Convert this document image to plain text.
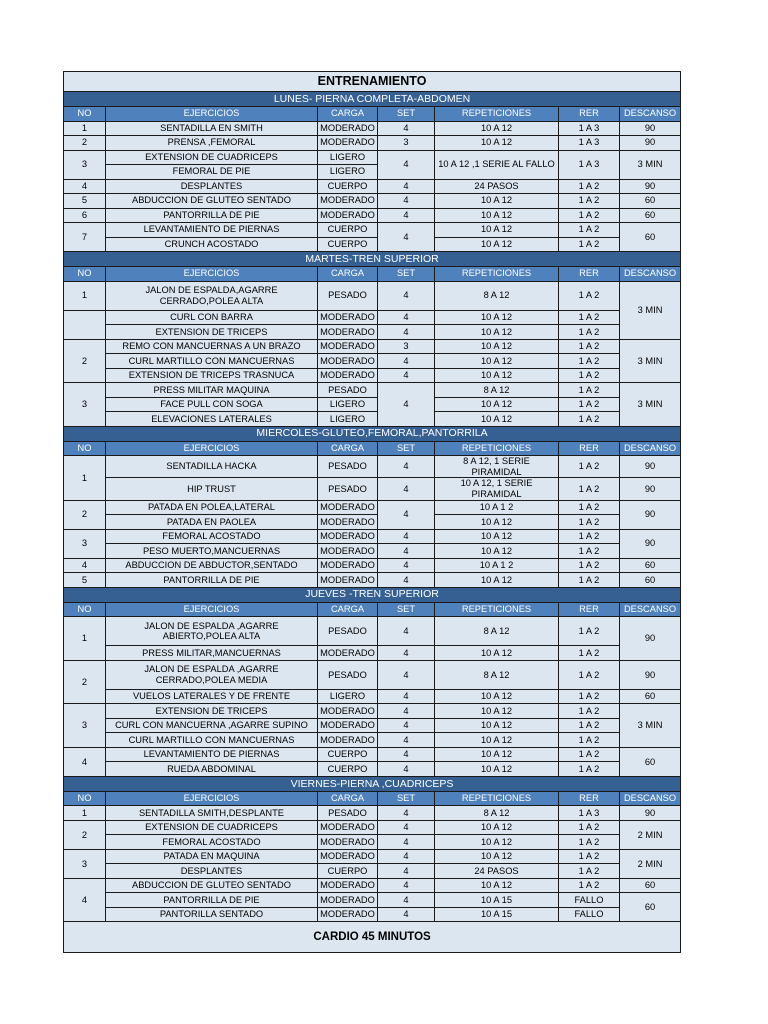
ENTRENAMIENTO						
LUNES- PIERNA COMPLETA-ABDOMEN						
NO	EJERCICIOS	CARGA	SET	REPETICIONES	RER	DESCANSO
1	SENTADILLA EN SMITH	MODERADO	4	10 A 12	1 A 3	90
2	PRENSA ,FEMORAL	MODERADO	3	10 A 12	1 A 3	90
3	EXTENSION DE CUADRICEPS	LIGERO	4	10 A 12 ,1 SERIE AL FALLO	1 A 3	3 MIN
	FEMORAL DE PIE	LIGERO				
4	DESPLANTES	CUERPO	4	24 PASOS	1 A 2	90
5	ABDUCCION DE GLUTEO SENTADO	MODERADO	4	10 A 12	1 A 2	60
6	PANTORRILLA DE PIE	MODERADO	4	10 A 12	1 A 2	60
7	LEVANTAMIENTO DE PIERNAS	CUERPO	4	10 A 12	1 A 2	60
	CRUNCH ACOSTADO	CUERPO		10 A 12	1 A 2	
MARTES-TREN SUPERIOR						
NO	EJERCICIOS	CARGA	SET	REPETICIONES	RER	DESCANSO
1	JALON DE ESPALDA,AGARRE CERRADO,POLEA ALTA	PESADO	4	8 A 12	1 A 2	3 MIN
	CURL CON BARRA	MODERADO	4	10 A 12	1 A 2	
	EXTENSION DE TRICEPS	MODERADO	4	10 A 12	1 A 2	
2	REMO CON MANCUERNAS A UN BRAZO	MODERADO	3	10 A 12	1 A 2	3 MIN
	CURL MARTILLO CON MANCUERNAS	MODERADO	4	10 A 12	1 A 2	
	EXTENSION DE TRICEPS TRASNUCA	MODERADO	4	10 A 12	1 A 2	
3	PRESS MILITAR MAQUINA	PESADO	4	8 A 12	1 A 2	3 MIN
	FACE PULL CON SOGA	LIGERO		10 A 12	1 A 2	
	ELEVACIONES LATERALES	LIGERO		10 A 12	1 A 2	
MIERCOLES-GLUTEO,FEMORAL,PANTORRILA						
NO	EJERCICIOS	CARGA	SET	REPETICIONES	RER	DESCANSO
1	SENTADILLA HACKA	PESADO	4	8 A 12, 1 SERIE PIRAMIDAL	1 A 2	90
	HIP TRUST	PESADO	4	10 A 12, 1 SERIE PIRAMIDAL	1 A 2	90
2	PATADA EN POLEA,LATERAL	MODERADO	4	10 A 1 2	1 A 2	90
	PATADA EN PAOLEA	MODERADO		10 A 12	1 A 2	
3	FEMORAL ACOSTADO	MODERADO	4	10 A 12	1 A 2	90
	PESO MUERTO,MANCUERNAS	MODERADO	4	10 A 12	1 A 2	
4	ABDUCCION DE ABDUCTOR,SENTADO	MODERADO	4	10 A 1 2	1 A 2	60
5	PANTORRILLA DE PIE	MODERADO	4	10 A 12	1 A 2	60
JUEVES -TREN SUPERIOR						
NO	EJERCICIOS	CARGA	SET	REPETICIONES	RER	DESCANSO
1	JALON DE ESPALDA ,AGARRE ABIERTO,POLEA ALTA	PESADO	4	8 A 12	1 A 2	90
	PRESS MILITAR,MANCUERNAS	MODERADO	4	10 A 12	1 A 2	
2	JALON DE ESPALDA ,AGARRE CERRADO,POLEA MEDIA	PESADO	4	8 A 12	1 A 2	90
	VUELOS LATERALES Y DE FRENTE	LIGERO	4	10 A 12	1 A 2	60
3	EXTENSION DE TRICEPS	MODERADO	4	10 A 12	1 A 2	3 MIN
	CURL CON MANCUERNA ,AGARRE SUPINO	MODERADO	4	10 A 12	1 A 2	
	CURL MARTILLO CON MANCUERNAS	MODERADO	4	10 A 12	1 A 2	
4	LEVANTAMIENTO DE PIERNAS	CUERPO	4	10 A 12	1 A 2	60
	RUEDA ABDOMINAL	CUERPO	4	10 A 12	1 A 2	
VIERNES-PIERNA ,CUADRICEPS						
NO	EJERCICIOS	CARGA	SET	REPETICIONES	RER	DESCANSO
1	SENTADILLA SMITH,DESPLANTE	PESADO	4	8 A 12	1 A 3	90
2	EXTENSION DE CUADRICEPS	MODERADO	4	10 A 12	1 A 2	2 MIN
	FEMORAL ACOSTADO	MODERADO	4	10 A 12	1 A 2	
3	PATADA EN MAQUINA	MODERADO	4	10 A 12	1 A 2	2 MIN
	DESPLANTES	CUERPO	4	24 PASOS	1 A 2	
4	ABDUCCION DE GLUTEO SENTADO	MODERADO	4	10 A 12	1 A 2	60
	PANTORRILLA DE PIE	MODERADO	4	10 A 15	FALLO	60
	PANTORILLA SENTADO	MODERADO	4	10 A 15	FALLO	
CARDIO 45 MINUTOS						
